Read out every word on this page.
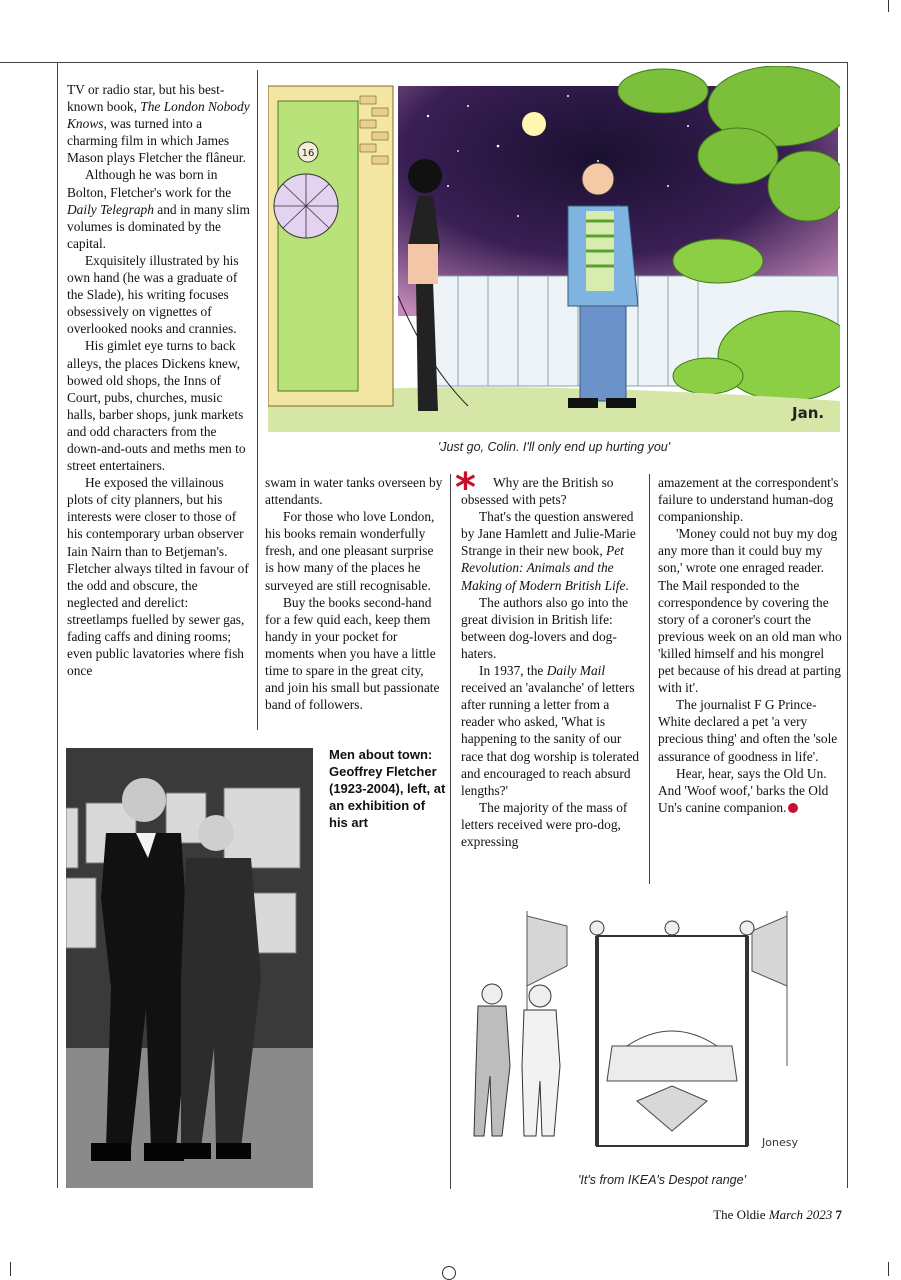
TV or radio star, but his best-known book, The London Nobody Knows, was turned into a charming film in which James Mason plays Fletcher the flâneur.

Although he was born in Bolton, Fletcher's work for the Daily Telegraph and in many slim volumes is dominated by the capital.

Exquisitely illustrated by his own hand (he was a graduate of the Slade), his writing focuses obsessively on vignettes of overlooked nooks and crannies.

His gimlet eye turns to back alleys, the places Dickens knew, bowed old shops, the Inns of Court, pubs, churches, music halls, barber shops, junk markets and odd characters from the down-and-outs and meths men to street entertainers.

He exposed the villainous plots of city planners, but his interests were closer to those of his contemporary urban observer Iain Nairn than to Betjeman's. Fletcher always tilted in favour of the odd and obscure, the neglected and derelict: streetlamps fuelled by sewer gas, fading caffs and dining rooms; even public lavatories where fish once

swam in water tanks overseen by attendants.

For those who love London, his books remain wonderfully fresh, and one pleasant surprise is how many of the places he surveyed are still recognisable.

Buy the books second-hand for a few quid each, keep them handy in your pocket for moments when you have a little time to spare in the great city, and join his small but passionate band of followers.

*	Why are the British so obsessed with pets?

That's the question answered by Jane Hamlett and Julie-Marie Strange in their new book, Pet Revolution: Animals and the Making of Modern British Life.

The authors also go into the great division in British life: between dog-lovers and dog-haters.

In 1937, the Daily Mail received an 'avalanche' of letters after running a letter from a reader who asked, 'What is happening to the sanity of our race that dog worship is tolerated and encouraged to reach absurd lengths?'

The majority of the mass of letters received were pro-dog, expressing

amazement at the correspondent's failure to understand human-dog companionship.

'Money could not buy my dog any more than it could buy my son,' wrote one enraged reader. The Mail responded to the correspondence by covering the story of a coroner's court the previous week on an old man who 'killed himself and his mongrel pet because of his dread at parting with it'.

The journalist F G Prince-White declared a pet 'a very precious thing' and often the 'sole assurance of goodness in life'.

Hear, hear, says the Old Un. And 'Woof woof,' barks the Old Un's canine companion.

16
Jan.
'Just go, Colin. I'll only end up hurting you'
Men about town: Geoffrey Fletcher (1923-2004), left, at an exhibition of his art
Jonesy
'It's from IKEA's Despot range'
The Oldie March 2023 7
